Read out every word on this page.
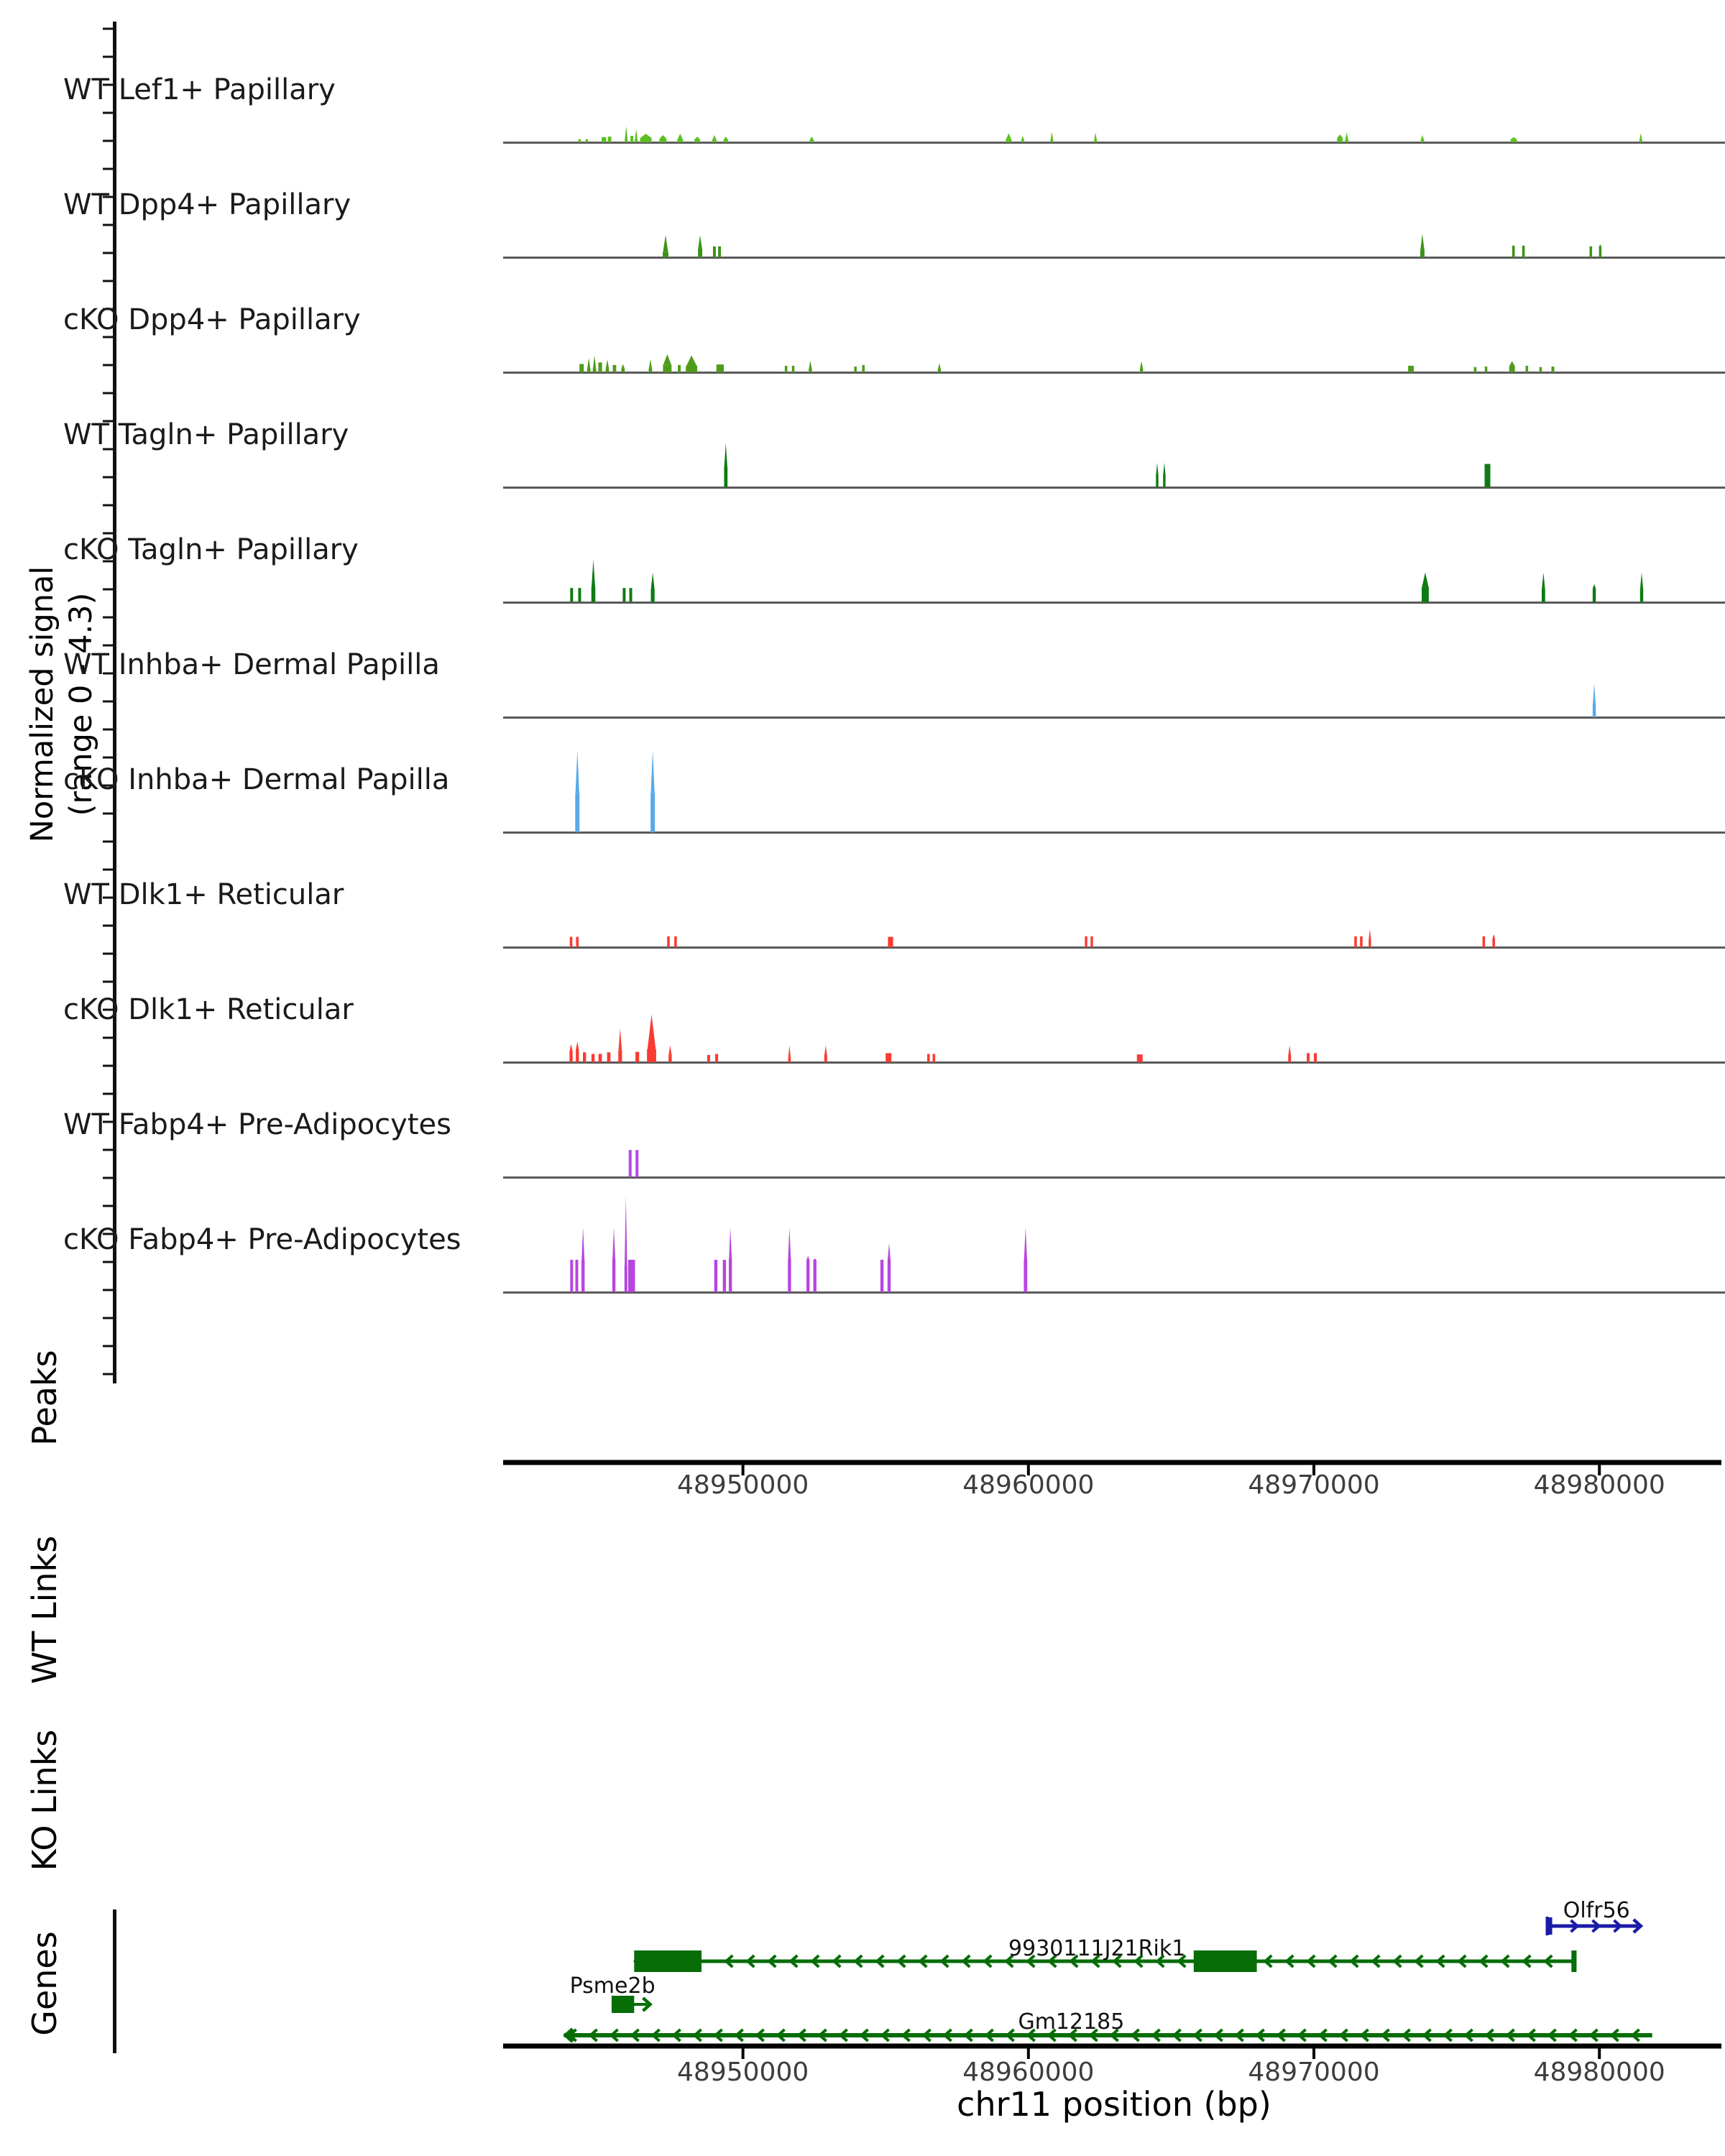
Normalized signal (range 0 - 4.3)
Peaks
WT Links
KO Links
Genes
chr11 position (bp)
WT Lef1+ Papillary
WT Dpp4+ Papillary
cKO Dpp4+ Papillary
WT Tagln+ Papillary
cKO Tagln+ Papillary
WT Inhba+ Dermal Papilla
cKO Inhba+ Dermal Papilla
WT Dlk1+ Reticular
cKO Dlk1+ Reticular
WT Fabp4+ Pre-Adipocytes
cKO Fabp4+ Pre-Adipocytes
48950000	48960000	48970000	48980000
48950000	48960000	48970000	48980000
Olfr56
9930111J21Rik1
Psme2b
Gm12185
